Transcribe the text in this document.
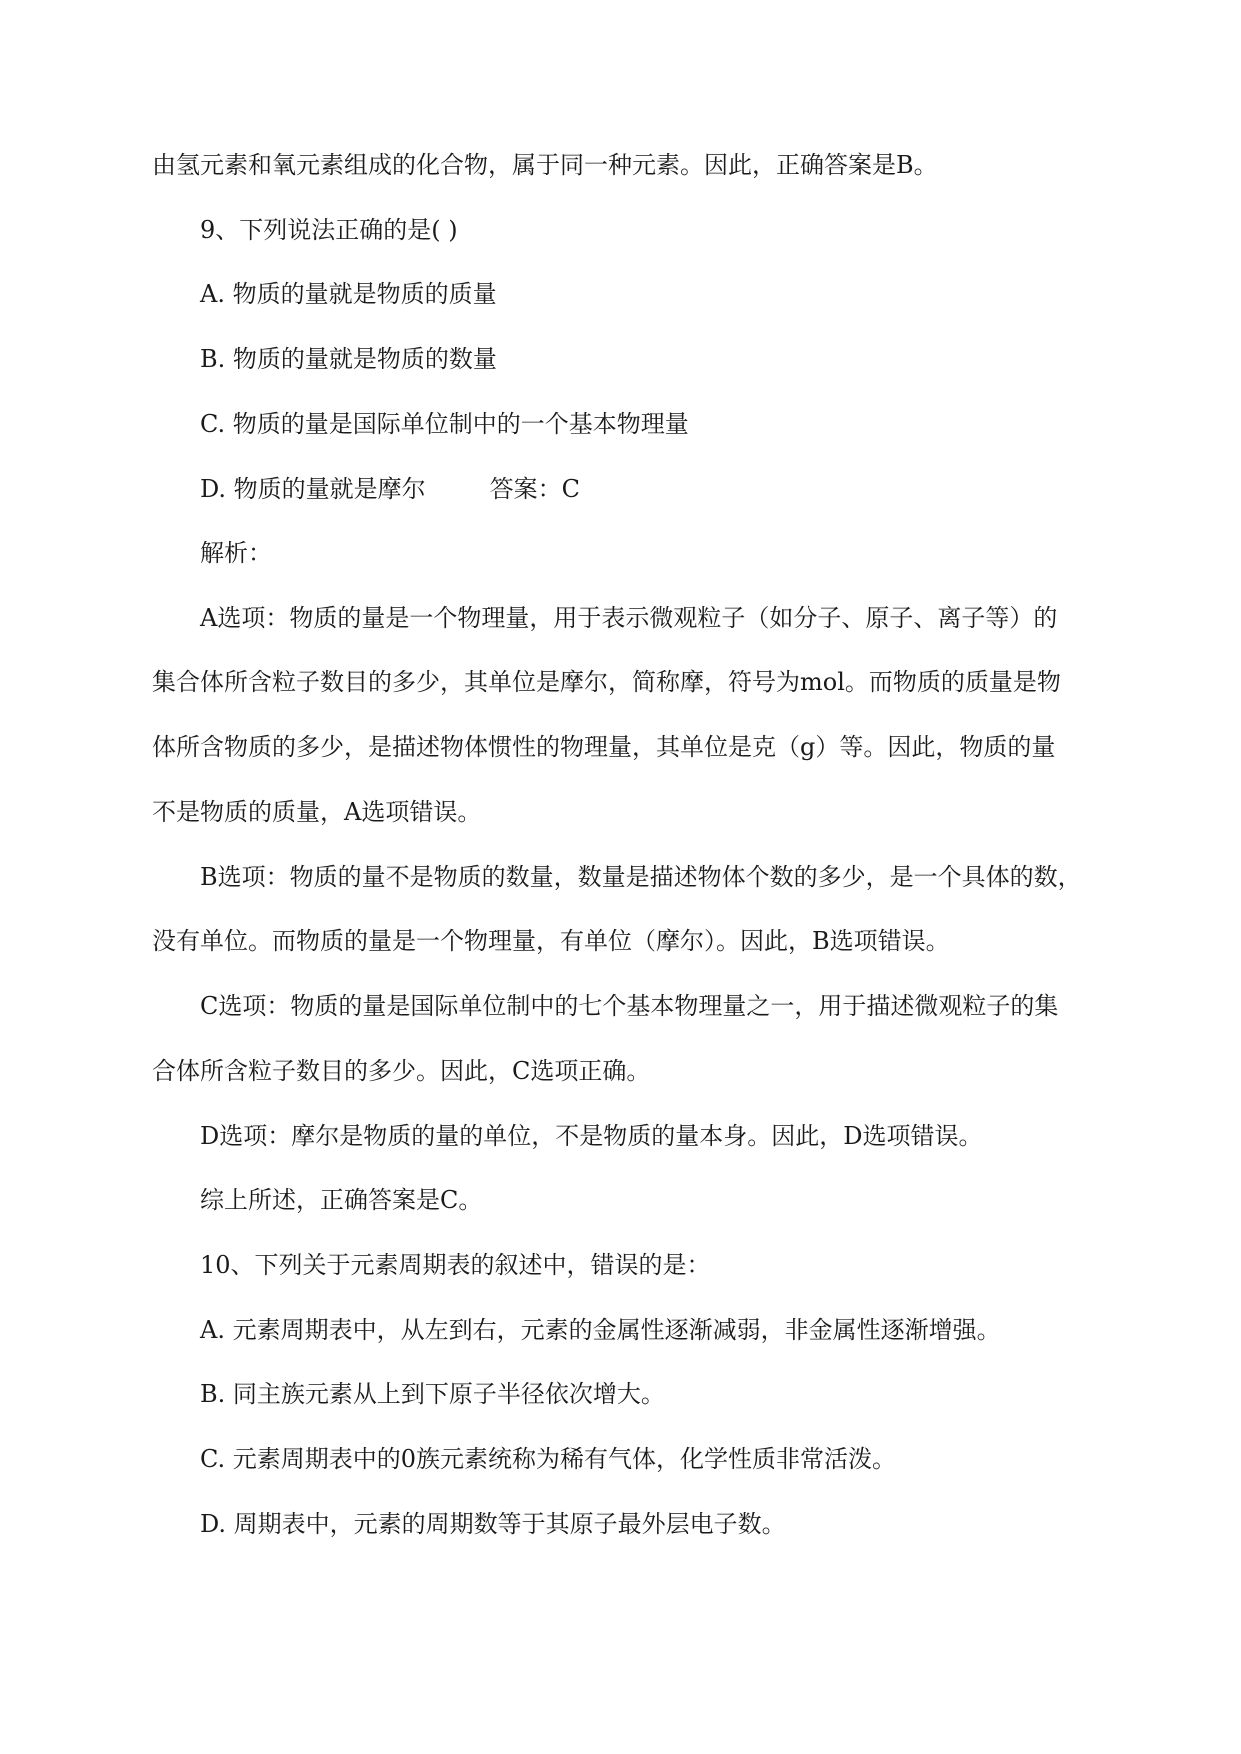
由氢元素和氧元素组成的化合物，属于同一种元素。因此，正确答案是B。
9、下列说法正确的是( )
A. 物质的量就是物质的质量
B. 物质的量就是物质的数量
C. 物质的量是国际单位制中的一个基本物理量
D. 物质的量就是摩尔	答案：C
解析：
A选项：物质的量是一个物理量，用于表示微观粒子（如分子、原子、离子等）的
集合体所含粒子数目的多少，其单位是摩尔，简称摩，符号为mol。而物质的质量是物
体所含物质的多少，是描述物体惯性的物理量，其单位是克（g）等。因此，物质的量
不是物质的质量，A选项错误。
B选项：物质的量不是物质的数量，数量是描述物体个数的多少，是一个具体的数，
没有单位。而物质的量是一个物理量，有单位（摩尔）。因此，B选项错误。
C选项：物质的量是国际单位制中的七个基本物理量之一，用于描述微观粒子的集
合体所含粒子数目的多少。因此，C选项正确。
D选项：摩尔是物质的量的单位，不是物质的量本身。因此，D选项错误。
综上所述，正确答案是C。
10、下列关于元素周期表的叙述中，错误的是：
A. 元素周期表中，从左到右，元素的金属性逐渐减弱，非金属性逐渐增强。
B. 同主族元素从上到下原子半径依次增大。
C. 元素周期表中的0族元素统称为稀有气体，化学性质非常活泼。
D. 周期表中，元素的周期数等于其原子最外层电子数。
